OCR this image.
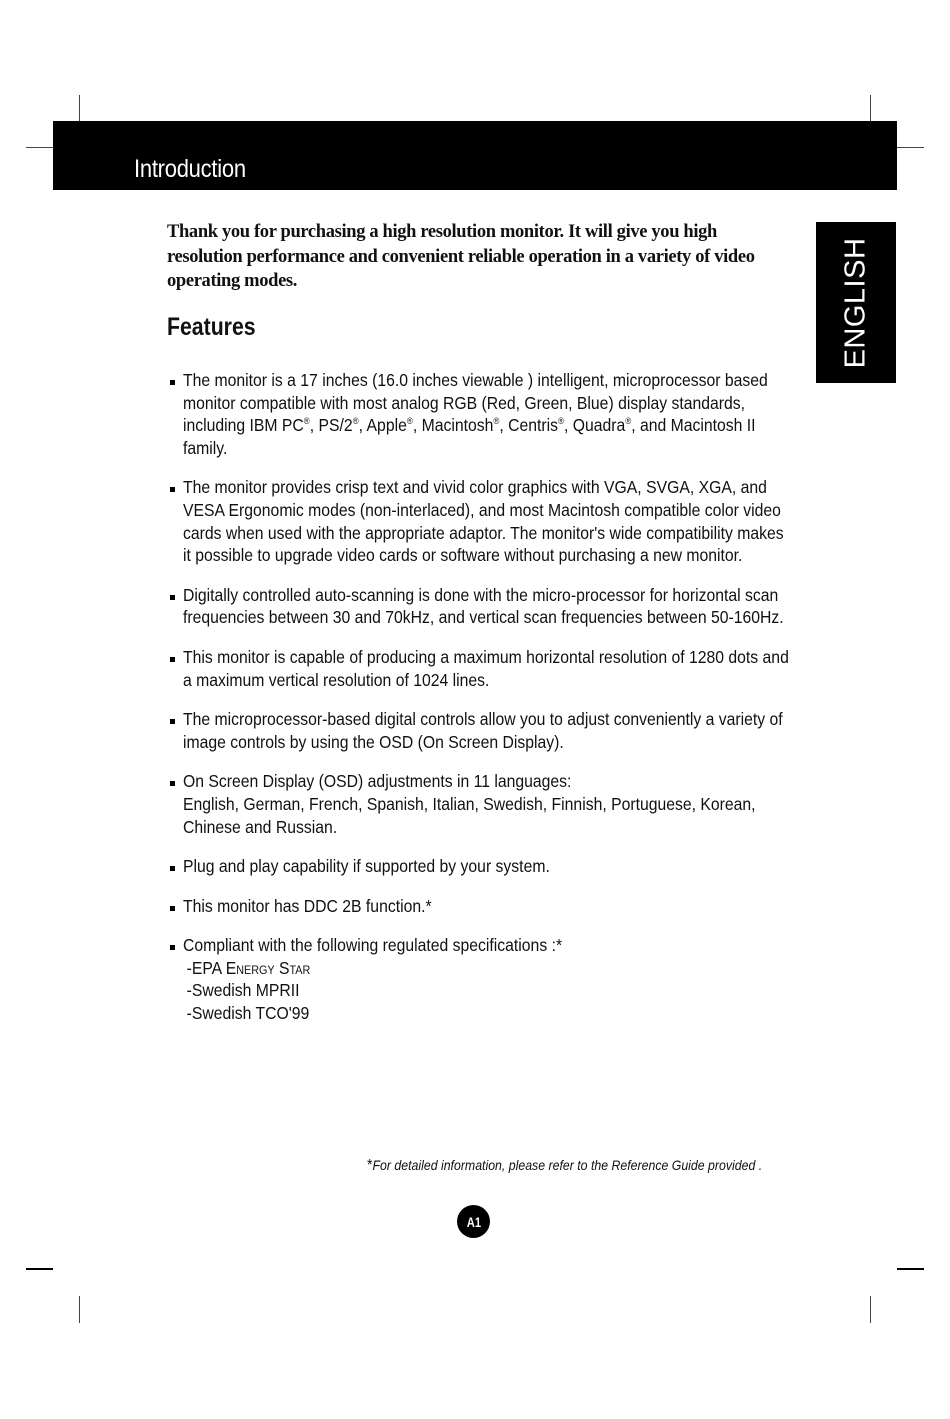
Introduction
ENGLISH

Thank you for purchasing a high resolution monitor. It will give you high resolution performance and convenient reliable operation in a variety of video operating modes.

Features
The monitor is a 17 inches (16.0 inches viewable ) intelligent, microprocessor based monitor compatible with most analog RGB (Red, Green, Blue) display standards, including IBM PC®, PS/2®, Apple®, Macintosh®, Centris®, Quadra®, and Macintosh II family.
The monitor provides crisp text and vivid color graphics with VGA, SVGA, XGA, and VESA Ergonomic modes (non-interlaced), and most Macintosh compatible color video cards when used with the appropriate adaptor. The monitor's wide compatibility makes it possible to upgrade video cards or software without purchasing a new monitor.
Digitally controlled auto-scanning is done with the micro-processor for horizontal scan frequencies between 30 and 70kHz, and vertical scan frequencies between 50-160Hz.
This monitor is capable of producing a maximum horizontal resolution of 1280 dots and a maximum vertical resolution of 1024 lines.
The microprocessor-based digital controls allow you to adjust conveniently a variety of image controls by using the OSD (On Screen Display).
On Screen Display (OSD) adjustments in 11 languages:
English, German, French, Spanish, Italian, Swedish, Finnish, Portuguese, Korean, Chinese and Russian.
Plug and play capability if supported by your system.
This monitor has DDC 2B function.*
Compliant with the following regulated specifications :*
-EPA Energy Star
-Swedish MPRII
-Swedish TCO'99
*For detailed information, please refer to the Reference Guide provided .
A1
